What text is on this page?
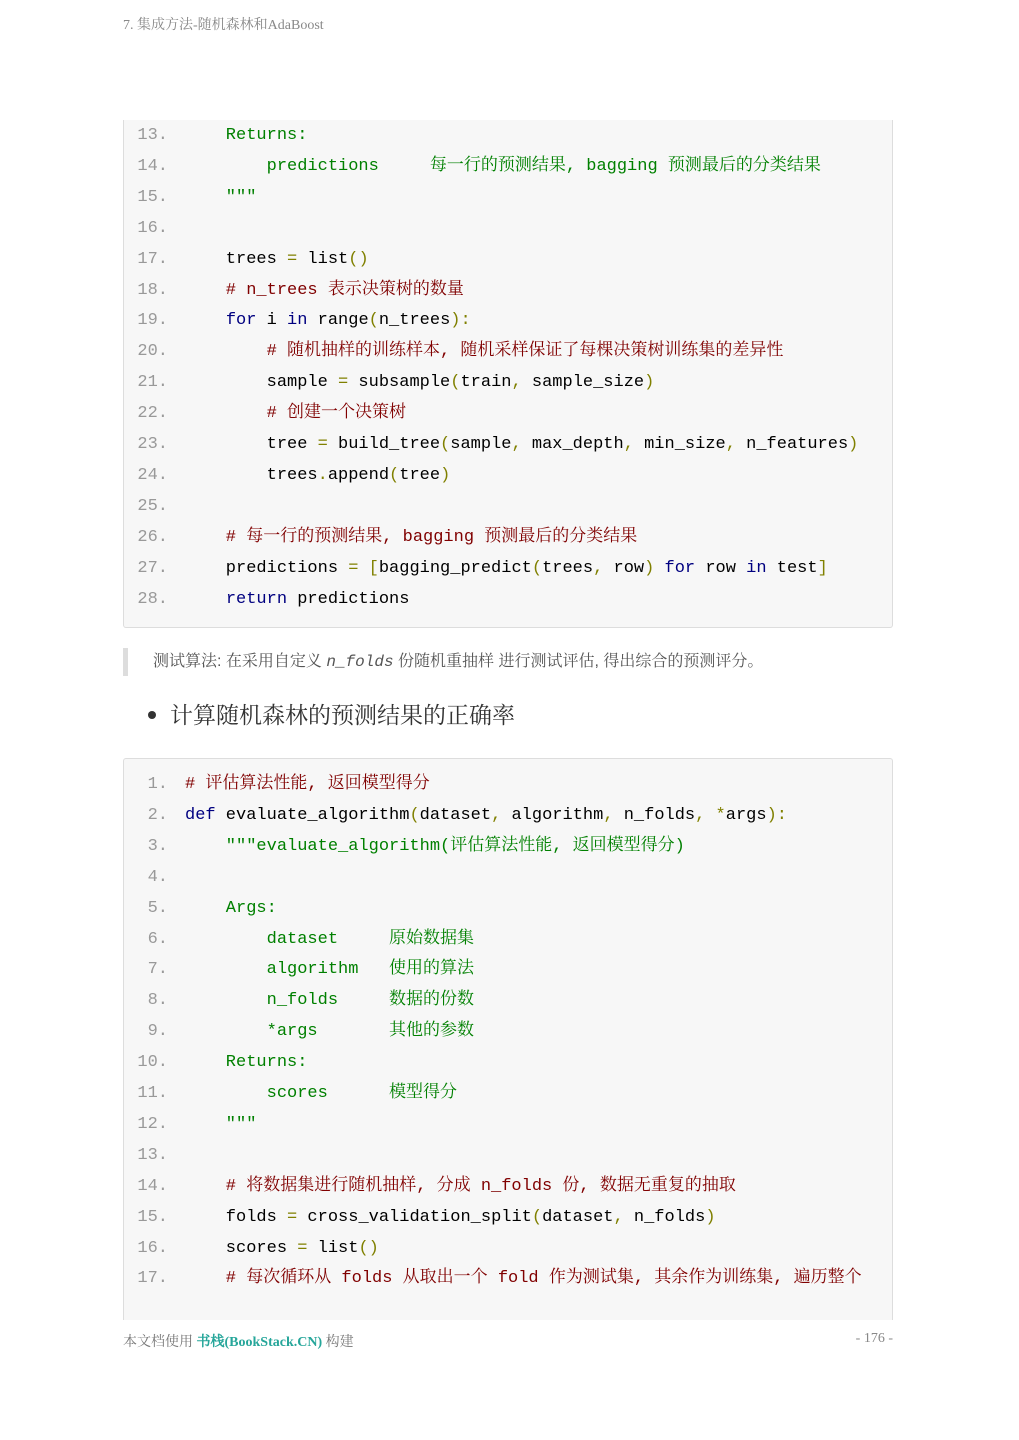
7. 集成方法-随机森林和AdaBoost
13. Returns:
14. predictions     每一行的预测结果, bagging 预测最后的分类结果
15. """
16.
17. trees = list()
18. # n_trees 表示决策树的数量
19.	for i in range(n_trees):
20. # 随机抽样的训练样本, 随机采样保证了每棵决策树训练集的差异性
21. sample = subsample(train, sample_size)
22. # 创建一个决策树
23. tree = build_tree(sample, max_depth, min_size, n_features)
24. trees.append(tree)
25.
26. # 每一行的预测结果, bagging 预测最后的分类结果
27. predictions = [bagging_predict(trees, row) for row in test]
28.	return predictions
测试算法: 在采用自定义 n_folds 份随机重抽样 进行测试评估, 得出综合的预测评分。
计算随机森林的预测结果的正确率
1. # 评估算法性能, 返回模型得分
2. def evaluate_algorithm(dataset, algorithm, n_folds, *args):
3. """evaluate_algorithm(评估算法性能, 返回模型得分)
4.
5. Args:
6. dataset     原始数据集
7. algorithm   使用的算法
8. n_folds     数据的份数
9. *args       其他的参数
10. Returns:
11. scores      模型得分
12. """
13.
14. # 将数据集进行随机抽样, 分成 n_folds 份, 数据无重复的抽取
15. folds = cross_validation_split(dataset, n_folds)
16. scores = list()
17. # 每次循环从 folds 从取出一个 fold 作为测试集, 其余作为训练集, 遍历整个
本文档使用 书栈(BookStack.CN) 构建	- 176 -
